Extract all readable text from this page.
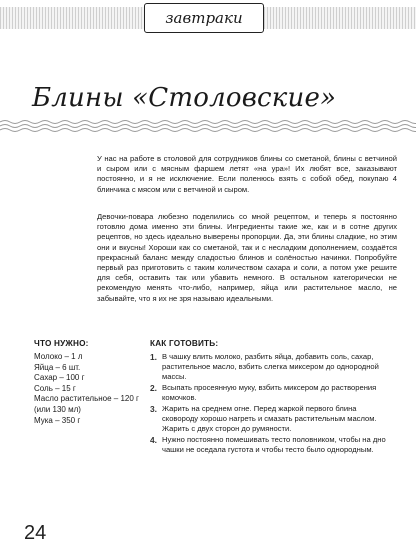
завтраки
Блины «Столовские»
У нас на работе в столовой для сотрудников блины со сметаной, блины с ветчиной и сыром или с мясным фаршем летят «на ура»! Их любят все, заказывают постоянно, и я не исключение. Если поленюсь взять с собой обед, покупаю 4 блинчика с мясом или с ветчиной и сыром.
Девочки-повара любезно поделились со мной рецептом, и теперь я постоянно готовлю дома именно эти блины. Ингредиенты такие же, как и в сотне других рецептов, но здесь идеально выверены пропорции. Да, эти блины сладкие, но этим они и вкусны! Хороши как со сметаной, так и с несладким дополнением, создаётся прекрасный баланс между сладостью блинов и солёностью начинки. Попробуйте первый раз приготовить с таким количеством сахара и соли, а потом уже решите для себя, оставить так или убавить немного. В остальном категорически не рекомендую менять что-либо, например, яйца или растительное масло, не забывайте, что я их не зря называю идеальными.
ЧТО НУЖНО:
Молоко – 1 л
Яйца – 6 шт.
Сахар – 100 г
Соль – 15 г
Масло растительное – 120 г (или 130 мл)
Мука – 350 г
КАК ГОТОВИТЬ:
1. В чашку влить молоко, разбить яйца, добавить соль, сахар, растительное масло, взбить слегка миксером до однородной массы.
2. Всыпать просеянную муку, взбить миксером до растворения комочков.
3. Жарить на среднем огне. Перед жаркой первого блина сковороду хорошо нагреть и смазать растительным маслом. Жарить с двух сторон до румяности.
4. Нужно постоянно помешивать тесто половником, чтобы на дно чашки не оседала густота и чтобы тесто было однородным.
24
